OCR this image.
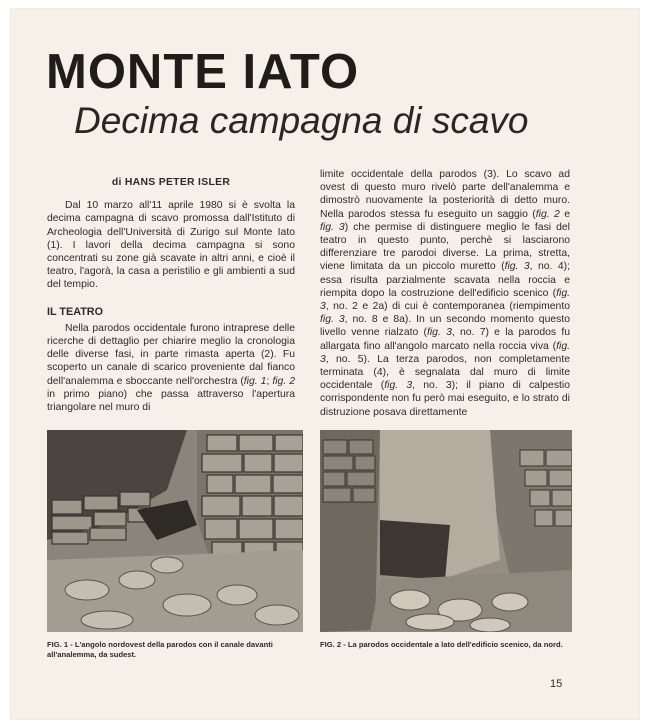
MONTE IATO
Decima campagna di scavo
di HANS PETER ISLER

Dal 10 marzo all'11 aprile 1980 si è svolta la decima campagna di scavo promossa dall'Istituto di Archeologia dell'Università di Zurigo sul Monte Iato (1). I lavori della decima campagna si sono concentrati su zone già scavate in altri anni, e cioè il teatro, l'agorà, la casa a peristilio e gli ambienti a sud del tempio.

IL TEATRO

Nella parodos occidentale furono intraprese delle ricerche di dettaglio per chiarire meglio la cronologia delle diverse fasi, in parte rimasta aperta (2). Fu scoperto un canale di scarico proveniente dal fianco dell'analemma e sboccante nell'orchestra (fig. 1; fig. 2 in primo piano) che passa attraverso l'apertura triangolare nel muro di

limite occidentale della parodos (3). Lo scavo ad ovest di questo muro rivelò parte dell'analemma e dimostrò nuovamente la posteriorità di detto muro. Nella parodos stessa fu eseguito un saggio (fig. 2 e fig. 3) che permise di distinguere meglio le fasi del teatro in questo punto, perchè si lasciarono differenziare tre parodoi diverse. La prima, stretta, viene limitata da un piccolo muretto (fig. 3, no. 4); essa risulta parzialmente scavata nella roccia e riempita dopo la costruzione dell'edificio scenico (fig. 3, no. 2 e 2a) di cui è contemporanea (riempimento fig. 3, no. 8 e 8a). In un secondo momento questo livello venne rialzato (fig. 3, no. 7) e la parodos fu allargata fino all'angolo marcato nella roccia viva (fig. 3, no. 5). La terza parodos, non completamente terminata (4), è segnalata dal muro di limite occidentale (fig. 3, no. 3); il piano di calpestio corrispondente non fu però mai eseguito, e lo strato di distruzione posava direttamente

FIG. 1 - L'angolo nordovest della parodos con il canale davanti all'analemma, da sudest.
FIG. 2 - La parodos occidentale a lato dell'edificio scenico, da nord.
15
